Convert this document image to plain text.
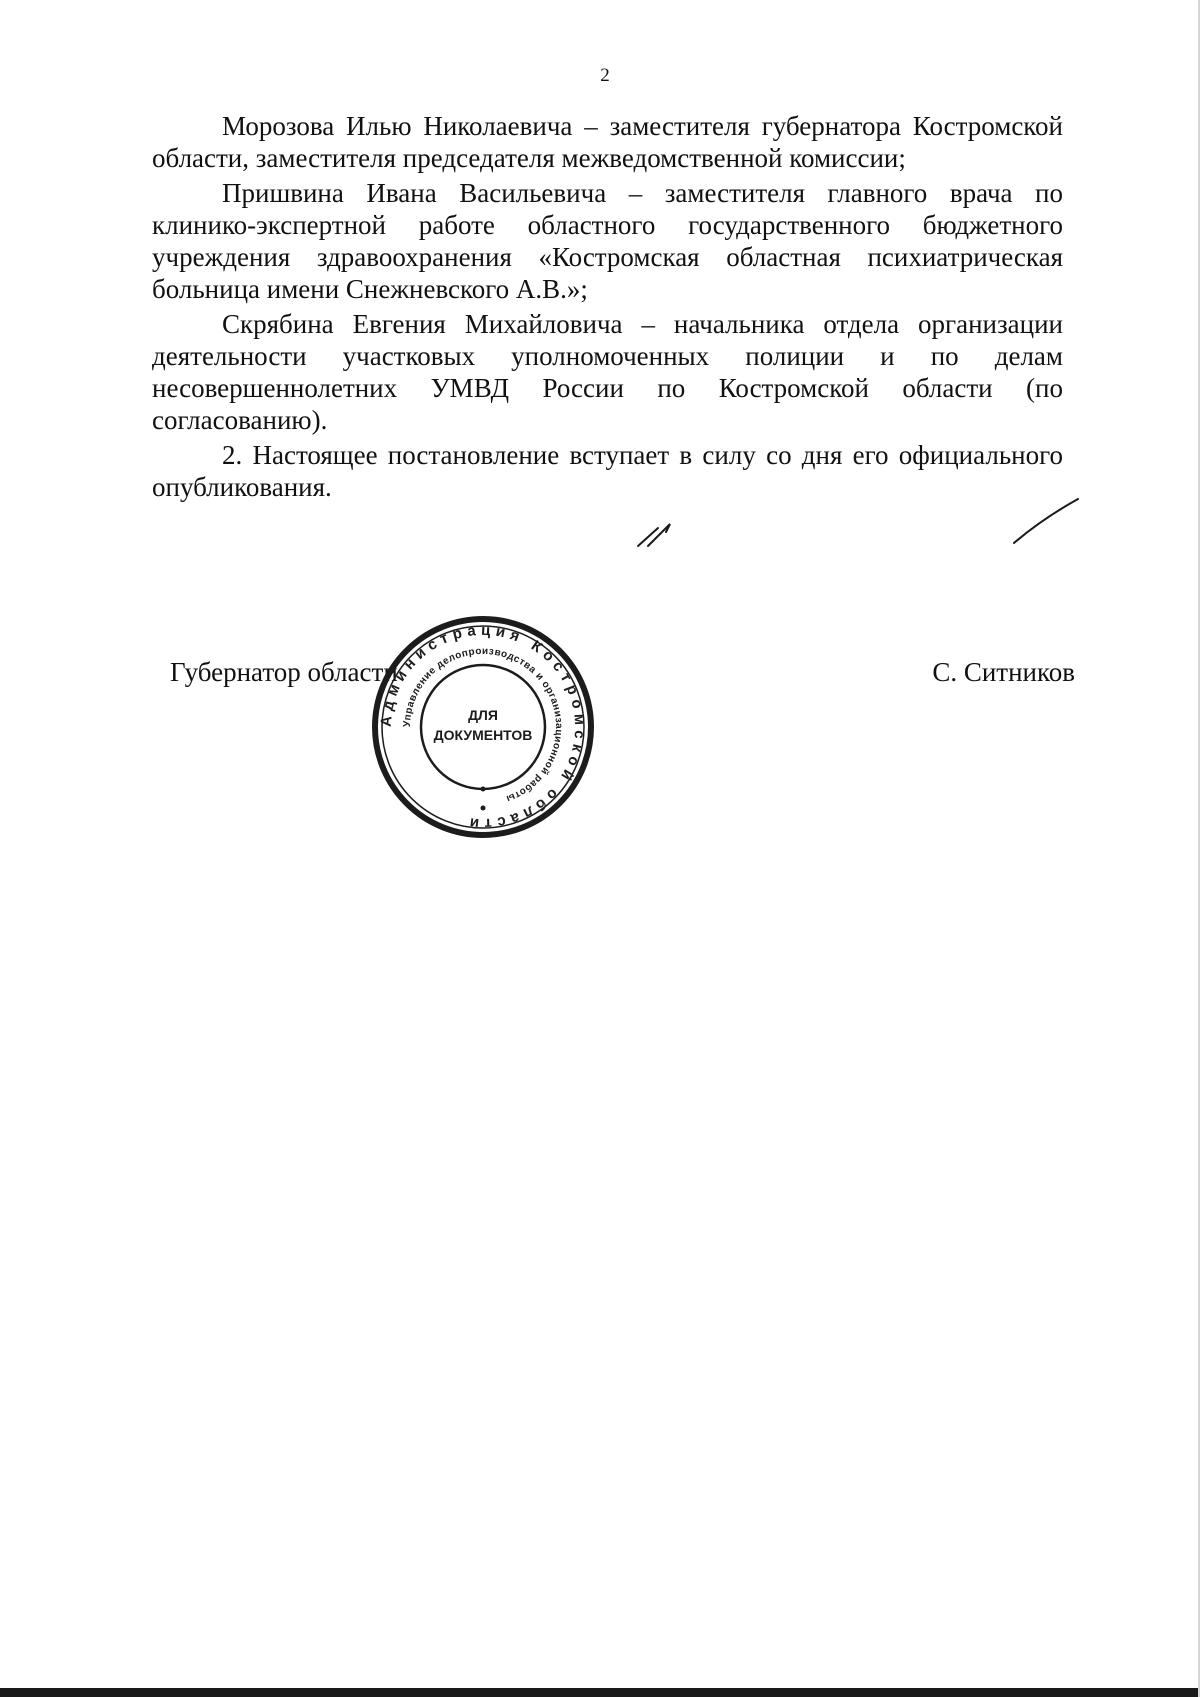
2

Морозова Илью Николаевича – заместителя губернатора Костромской области, заместителя председателя межведомственной комиссии;

Пришвина Ивана Васильевича – заместителя главного врача по клинико-экспертной работе областного государственного бюджетного учреждения здравоохранения «Костромская областная психиатрическая больница имени Снежневского А.В.»;

Скрябина Евгения Михайловича – начальника отдела организации деятельности участковых уполномоченных полиции и по делам несовершеннолетних УМВД России по Костромской области (по согласованию).

2. Настоящее постановление вступает в силу со дня его официального опубликования.

Губернатор области	С. Ситников
Администрация Костромской области
Управление делопроизводства и организационной работы
ДЛЯ
ДОКУМЕНТОВ
